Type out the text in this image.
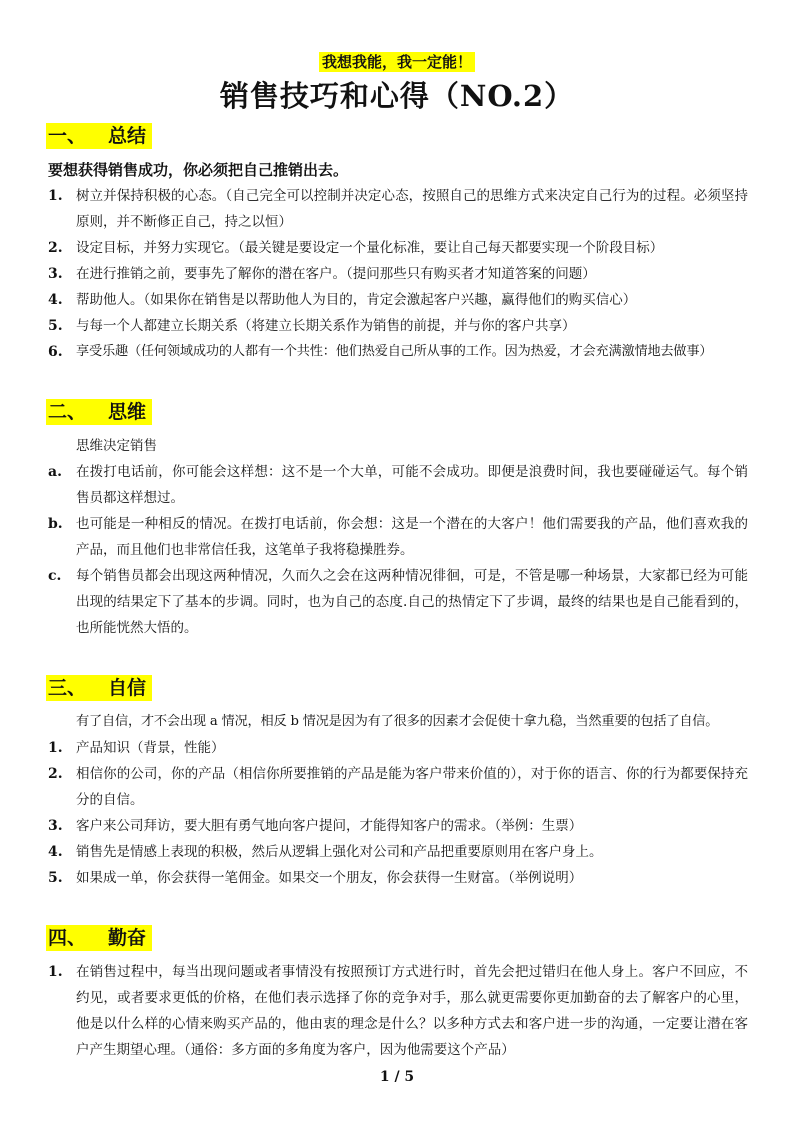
我想我能，我一定能！
销售技巧和心得（NO.2）
一、 总结
要想获得销售成功，你必须把自己推销出去。
1. 树立并保持积极的心态。（自己完全可以控制并决定心态，按照自己的思维方式来决定自己行为的过程。必须坚持原则，并不断修正自己，持之以恒）
2. 设定目标，并努力实现它。（最关键是要设定一个量化标准，要让自己每天都要实现一个阶段目标）
3. 在进行推销之前，要事先了解你的潜在客户。（提问那些只有购买者才知道答案的问题）
4. 帮助他人。（如果你在销售是以帮助他人为目的，肯定会激起客户兴趣，赢得他们的购买信心）
5. 与每一个人都建立长期关系（将建立长期关系作为销售的前提，并与你的客户共享）
6. 享受乐趣（任何领域成功的人都有一个共性：他们热爱自己所从事的工作。因为热爱，才会充满激情地去做事）
二、 思维
思维决定销售
a. 在拨打电话前，你可能会这样想：这不是一个大单，可能不会成功。即便是浪费时间，我也要碰碰运气。每个销售员都这样想过。
b. 也可能是一种相反的情况。在拨打电话前，你会想：这是一个潜在的大客户！他们需要我的产品，他们喜欢我的产品，而且他们也非常信任我，这笔单子我将稳操胜券。
c. 每个销售员都会出现这两种情况，久而久之会在这两种情况徘徊，可是，不管是哪一种场景，大家都已经为可能出现的结果定下了基本的步调。同时，也为自己的态度.自己的热情定下了步调，最终的结果也是自己能看到的，也所能恍然大悟的。
三、 自信
有了自信，才不会出现 a 情况，相反 b 情况是因为有了很多的因素才会促使十拿九稳，当然重要的包括了自信。
1. 产品知识（背景，性能）
2. 相信你的公司，你的产品（相信你所要推销的产品是能为客户带来价值的），对于你的语言、你的行为都要保持充分的自信。
3. 客户来公司拜访，要大胆有勇气地向客户提问，才能得知客户的需求。（举例：生票）
4. 销售先是情感上表现的积极，然后从逻辑上强化对公司和产品把重要原则用在客户身上。
5. 如果成一单，你会获得一笔佣金。如果交一个朋友，你会获得一生财富。（举例说明）
四、 勤奋
1. 在销售过程中，每当出现问题或者事情没有按照预订方式进行时，首先会把过错归在他人身上。客户不回应，不约见，或者要求更低的价格，在他们表示选择了你的竞争对手，那么就更需要你更加勤奋的去了解客户的心里，他是以什么样的心情来购买产品的，他由衷的理念是什么？以多种方式去和客户进一步的沟通，一定要让潜在客户产生期望心理。（通俗：多方面的多角度为客户，因为他需要这个产品）
1 / 5
